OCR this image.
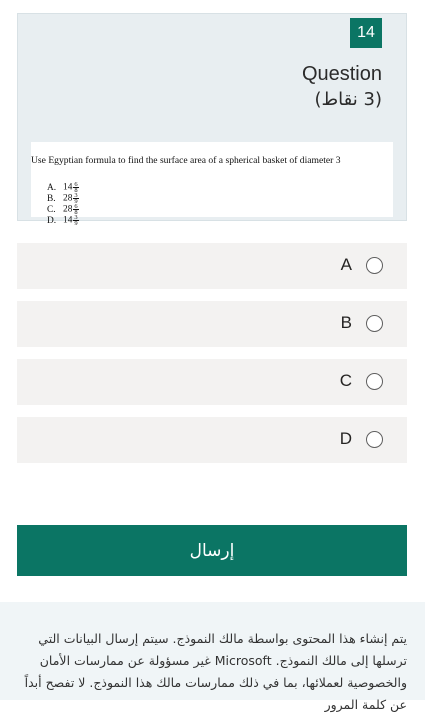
14
Question
(3 نقاط)
Use Egyptian formula to find the surface area of a spherical basket of diameter 3
A. $14 \frac{6}{8}$
B. $28 \frac{3}{9}$
C. $28 \frac{6}{8}$
D. $14 \frac{3}{9}$
A
B
C
D
إرسال
يتم إنشاء هذا المحتوى بواسطة مالك النموذج. سيتم إرسال البيانات التي ترسلها إلى مالك النموذج. Microsoft غير مسؤولة عن ممارسات الأمان والخصوصية لعملائها، بما في ذلك ممارسات مالك هذا النموذج. لا تفصح أبداً عن كلمة المرور
